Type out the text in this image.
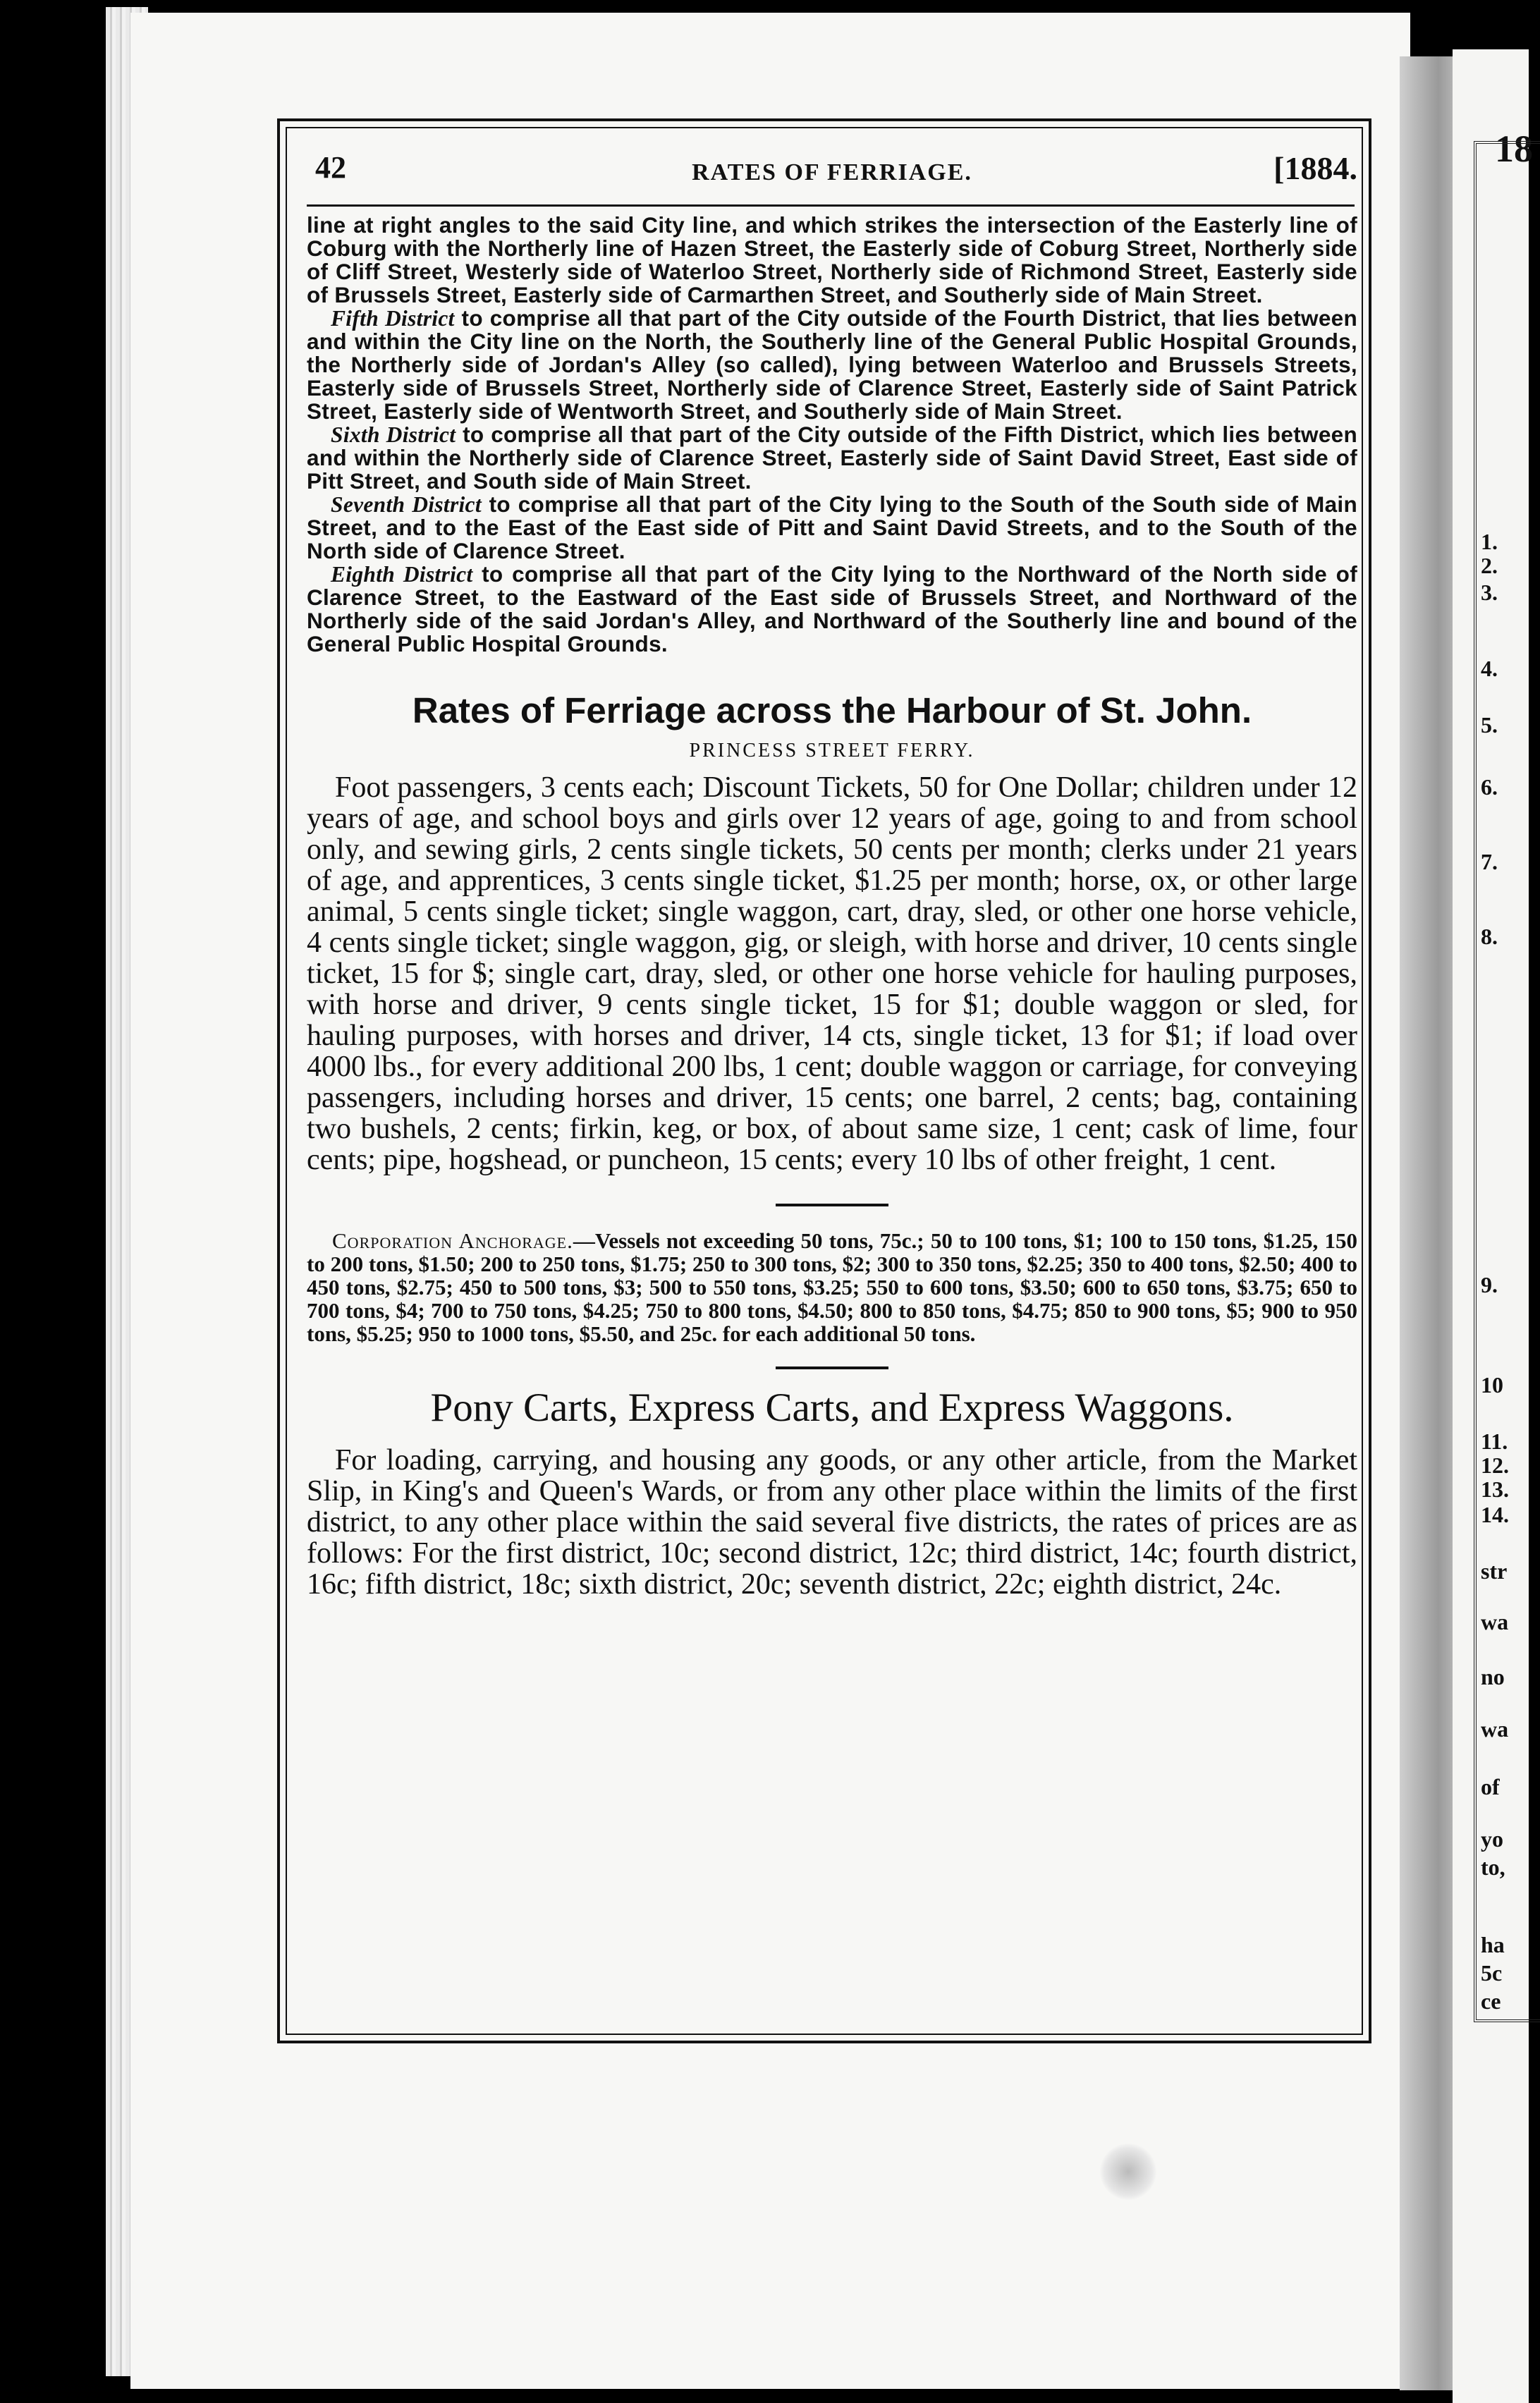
18
1.
2.
3.
4.
5.
6.
7.
8.
9.
10
11.
12.
13.
14.
str
wa
no
wa
of
yo
to,
ha
5c
ce
42	RATES OF FERRIAGE.	[1884.

line at right angles to the said City line, and which strikes the intersection of the Easterly line of Coburg with the Northerly line of Hazen Street, the Easterly side of Coburg Street, Northerly side of Cliff Street, Westerly side of Waterloo Street, Northerly side of Richmond Street, Easterly side of Brussels Street, Easterly side of Carmarthen Street, and Southerly side of Main Street.

Fifth District to comprise all that part of the City outside of the Fourth District, that lies between and within the City line on the North, the Southerly line of the General Public Hospital Grounds, the Northerly side of Jordan's Alley (so called), lying between Waterloo and Brussels Streets, Easterly side of Brussels Street, Northerly side of Clarence Street, Easterly side of Saint Patrick Street, Easterly side of Wentworth Street, and Southerly side of Main Street.

Sixth District to comprise all that part of the City outside of the Fifth District, which lies between and within the Northerly side of Clarence Street, Easterly side of Saint David Street, East side of Pitt Street, and South side of Main Street.

Seventh District to comprise all that part of the City lying to the South of the South side of Main Street, and to the East of the East side of Pitt and Saint David Streets, and to the South of the North side of Clarence Street.

Eighth District to comprise all that part of the City lying to the Northward of the North side of Clarence Street, to the Eastward of the East side of Brussels Street, and Northward of the Northerly side of the said Jordan's Alley, and Northward of the Southerly line and bound of the General Public Hospital Grounds.

Rates of Ferriage across the Harbour of St. John.
PRINCESS STREET FERRY.

Foot passengers, 3 cents each; Discount Tickets, 50 for One Dollar; children under 12 years of age, and school boys and girls over 12 years of age, going to and from school only, and sewing girls, 2 cents single tickets, 50 cents per month; clerks under 21 years of age, and apprentices, 3 cents single ticket, $1.25 per month; horse, ox, or other large animal, 5 cents single ticket; single waggon, cart, dray, sled, or other one horse vehicle, 4 cents single ticket; single waggon, gig, or sleigh, with horse and driver, 10 cents single ticket, 15 for $; single cart, dray, sled, or other one horse vehicle for hauling purposes, with horse and driver, 9 cents single ticket, 15 for $1; double waggon or sled, for hauling purposes, with horses and driver, 14 cts, single ticket, 13 for $1; if load over 4000 lbs., for every additional 200 lbs, 1 cent; double waggon or carriage, for conveying passengers, including horses and driver, 15 cents; one barrel, 2 cents; bag, containing two bushels, 2 cents; firkin, keg, or box, of about same size, 1 cent; cask of lime, four cents; pipe, hogshead, or puncheon, 15 cents; every 10 lbs of other freight, 1 cent.

Corporation Anchorage.—Vessels not exceeding 50 tons, 75c.; 50 to 100 tons, $1; 100 to 150 tons, $1.25, 150 to 200 tons, $1.50; 200 to 250 tons, $1.75; 250 to 300 tons, $2; 300 to 350 tons, $2.25; 350 to 400 tons, $2.50; 400 to 450 tons, $2.75; 450 to 500 tons, $3; 500 to 550 tons, $3.25; 550 to 600 tons, $3.50; 600 to 650 tons, $3.75; 650 to 700 tons, $4; 700 to 750 tons, $4.25; 750 to 800 tons, $4.50; 800 to 850 tons, $4.75; 850 to 900 tons, $5; 900 to 950 tons, $5.25; 950 to 1000 tons, $5.50, and 25c. for each additional 50 tons.

Pony Carts, Express Carts, and Express Waggons.

For loading, carrying, and housing any goods, or any other article, from the Market Slip, in King's and Queen's Wards, or from any other place within the limits of the first district, to any other place within the said several five districts, the rates of prices are as follows: For the first district, 10c; second district, 12c; third district, 14c; fourth district, 16c; fifth district, 18c; sixth district, 20c; seventh district, 22c; eighth district, 24c.
